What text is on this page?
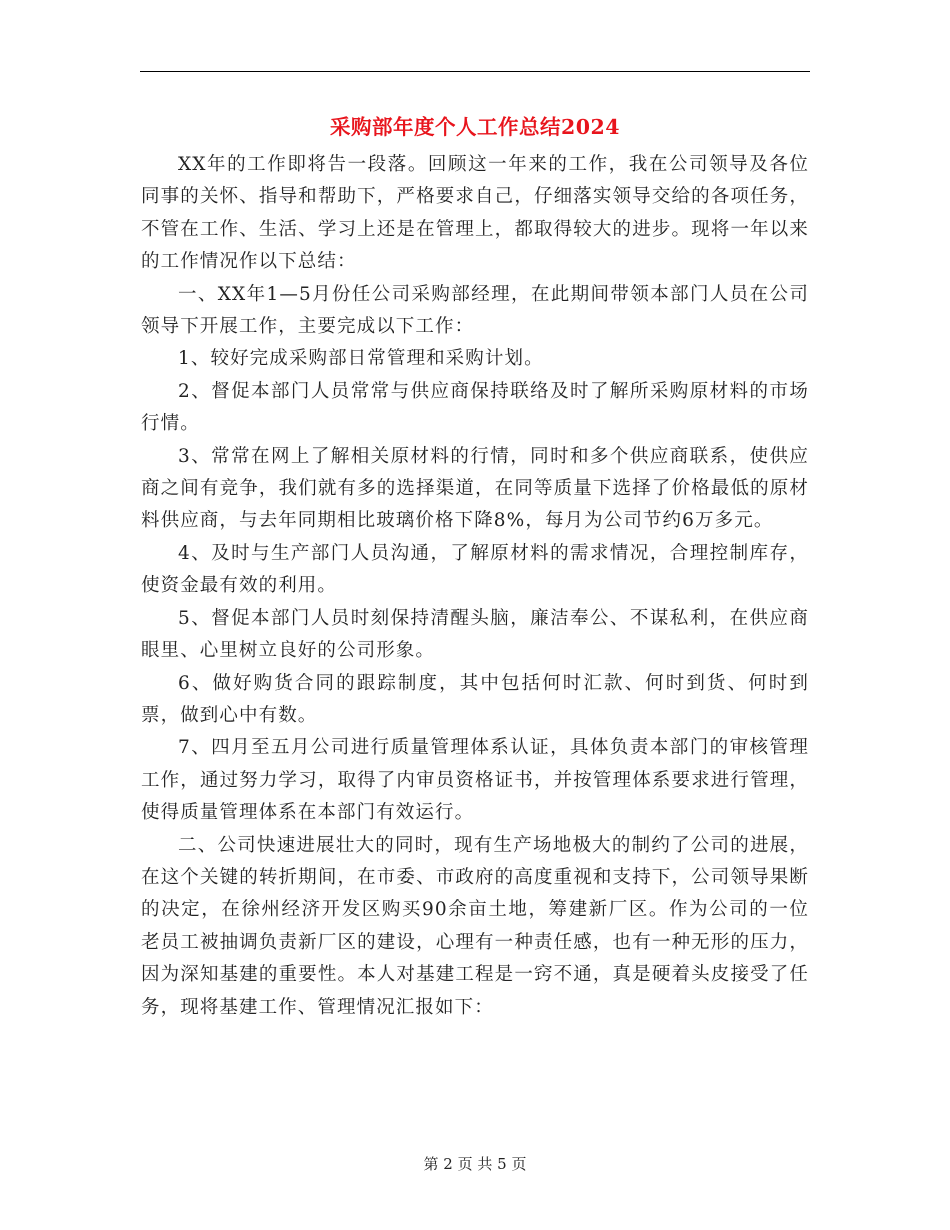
采购部年度个人工作总结2024

XX年的工作即将告一段落。回顾这一年来的工作，我在公司领导及各位同事的关怀、指导和帮助下，严格要求自己，仔细落实领导交给的各项任务，不管在工作、生活、学习上还是在管理上，都取得较大的进步。现将一年以来的工作情况作以下总结：

一、XX年1—5月份任公司采购部经理，在此期间带领本部门人员在公司领导下开展工作，主要完成以下工作：

1、较好完成采购部日常管理和采购计划。

2、督促本部门人员常常与供应商保持联络及时了解所采购原材料的市场行情。

3、常常在网上了解相关原材料的行情，同时和多个供应商联系，使供应商之间有竞争，我们就有多的选择渠道，在同等质量下选择了价格最低的原材料供应商，与去年同期相比玻璃价格下降8%，每月为公司节约6万多元。

4、及时与生产部门人员沟通，了解原材料的需求情况，合理控制库存，使资金最有效的利用。

5、督促本部门人员时刻保持清醒头脑，廉洁奉公、不谋私利，在供应商眼里、心里树立良好的公司形象。

6、做好购货合同的跟踪制度，其中包括何时汇款、何时到货、何时到票，做到心中有数。

7、四月至五月公司进行质量管理体系认证，具体负责本部门的审核管理工作，通过努力学习，取得了内审员资格证书，并按管理体系要求进行管理，使得质量管理体系在本部门有效运行。

二、公司快速进展壮大的同时，现有生产场地极大的制约了公司的进展，在这个关键的转折期间，在市委、市政府的高度重视和支持下，公司领导果断的决定，在徐州经济开发区购买90余亩土地，筹建新厂区。作为公司的一位老员工被抽调负责新厂区的建设，心理有一种责任感，也有一种无形的压力，因为深知基建的重要性。本人对基建工程是一窍不通，真是硬着头皮接受了任务，现将基建工作、管理情况汇报如下：

第 2 页 共 5 页
